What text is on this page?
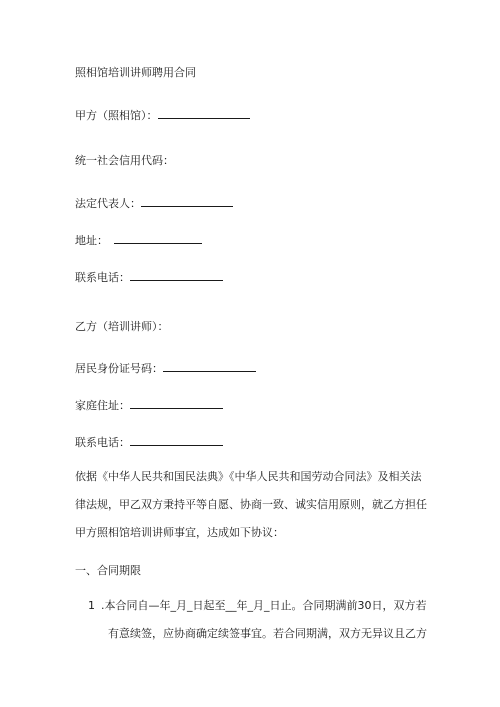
照相馆培训讲师聘用合同
甲方（照相馆）：
统一社会信用代码：
法定代表人：
地址：
联系电话：
乙方（培训讲师）：
居民身份证号码：
家庭住址：
联系电话：
依据《中华人民共和国民法典》《中华人民共和国劳动合同法》及相关法
律法规，甲乙双方秉持平等自愿、协商一致、诚实信用原则，就乙方担任
甲方照相馆培训讲师事宜，达成如下协议：
一、合同期限
1 .本合同自—年_月_日起至__年_月_日止。合同期满前30日，双方若
有意续签，应协商确定续签事宜。若合同期满，双方无异议且乙方
